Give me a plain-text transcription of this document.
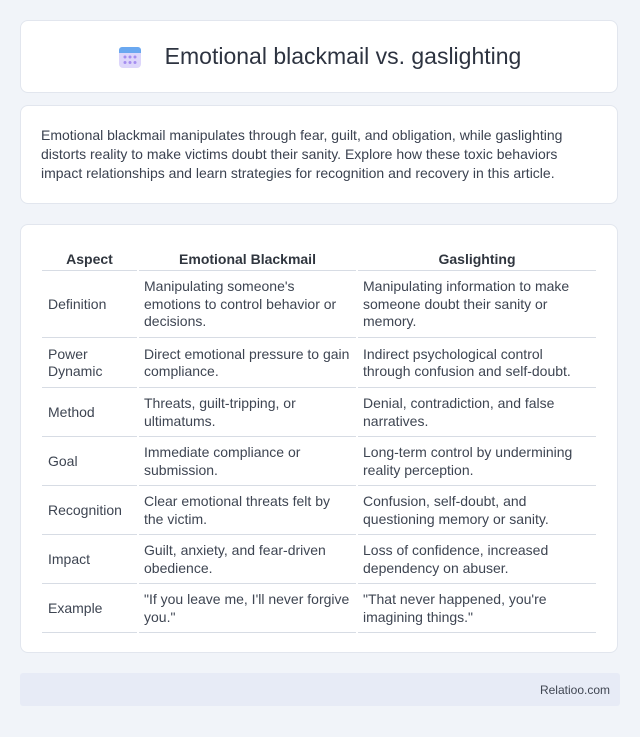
Emotional blackmail vs. gaslighting

Emotional blackmail manipulates through fear, guilt, and obligation, while gaslighting distorts reality to make victims doubt their sanity. Explore how these toxic behaviors impact relationships and learn strategies for recognition and recovery in this article.

Aspect	Emotional Blackmail	Gaslighting
Definition	Manipulating someone's emotions to control behavior or decisions.	Manipulating information to make someone doubt their sanity or memory.
Power Dynamic	Direct emotional pressure to gain compliance.	Indirect psychological control through confusion and self-doubt.
Method	Threats, guilt-tripping, or ultimatums.	Denial, contradiction, and false narratives.
Goal	Immediate compliance or submission.	Long-term control by undermining reality perception.
Recognition	Clear emotional threats felt by the victim.	Confusion, self-doubt, and questioning memory or sanity.
Impact	Guilt, anxiety, and fear-driven obedience.	Loss of confidence, increased dependency on abuser.
Example	"If you leave me, I'll never forgive you."	"That never happened, you're imagining things."
Relatioo.com
